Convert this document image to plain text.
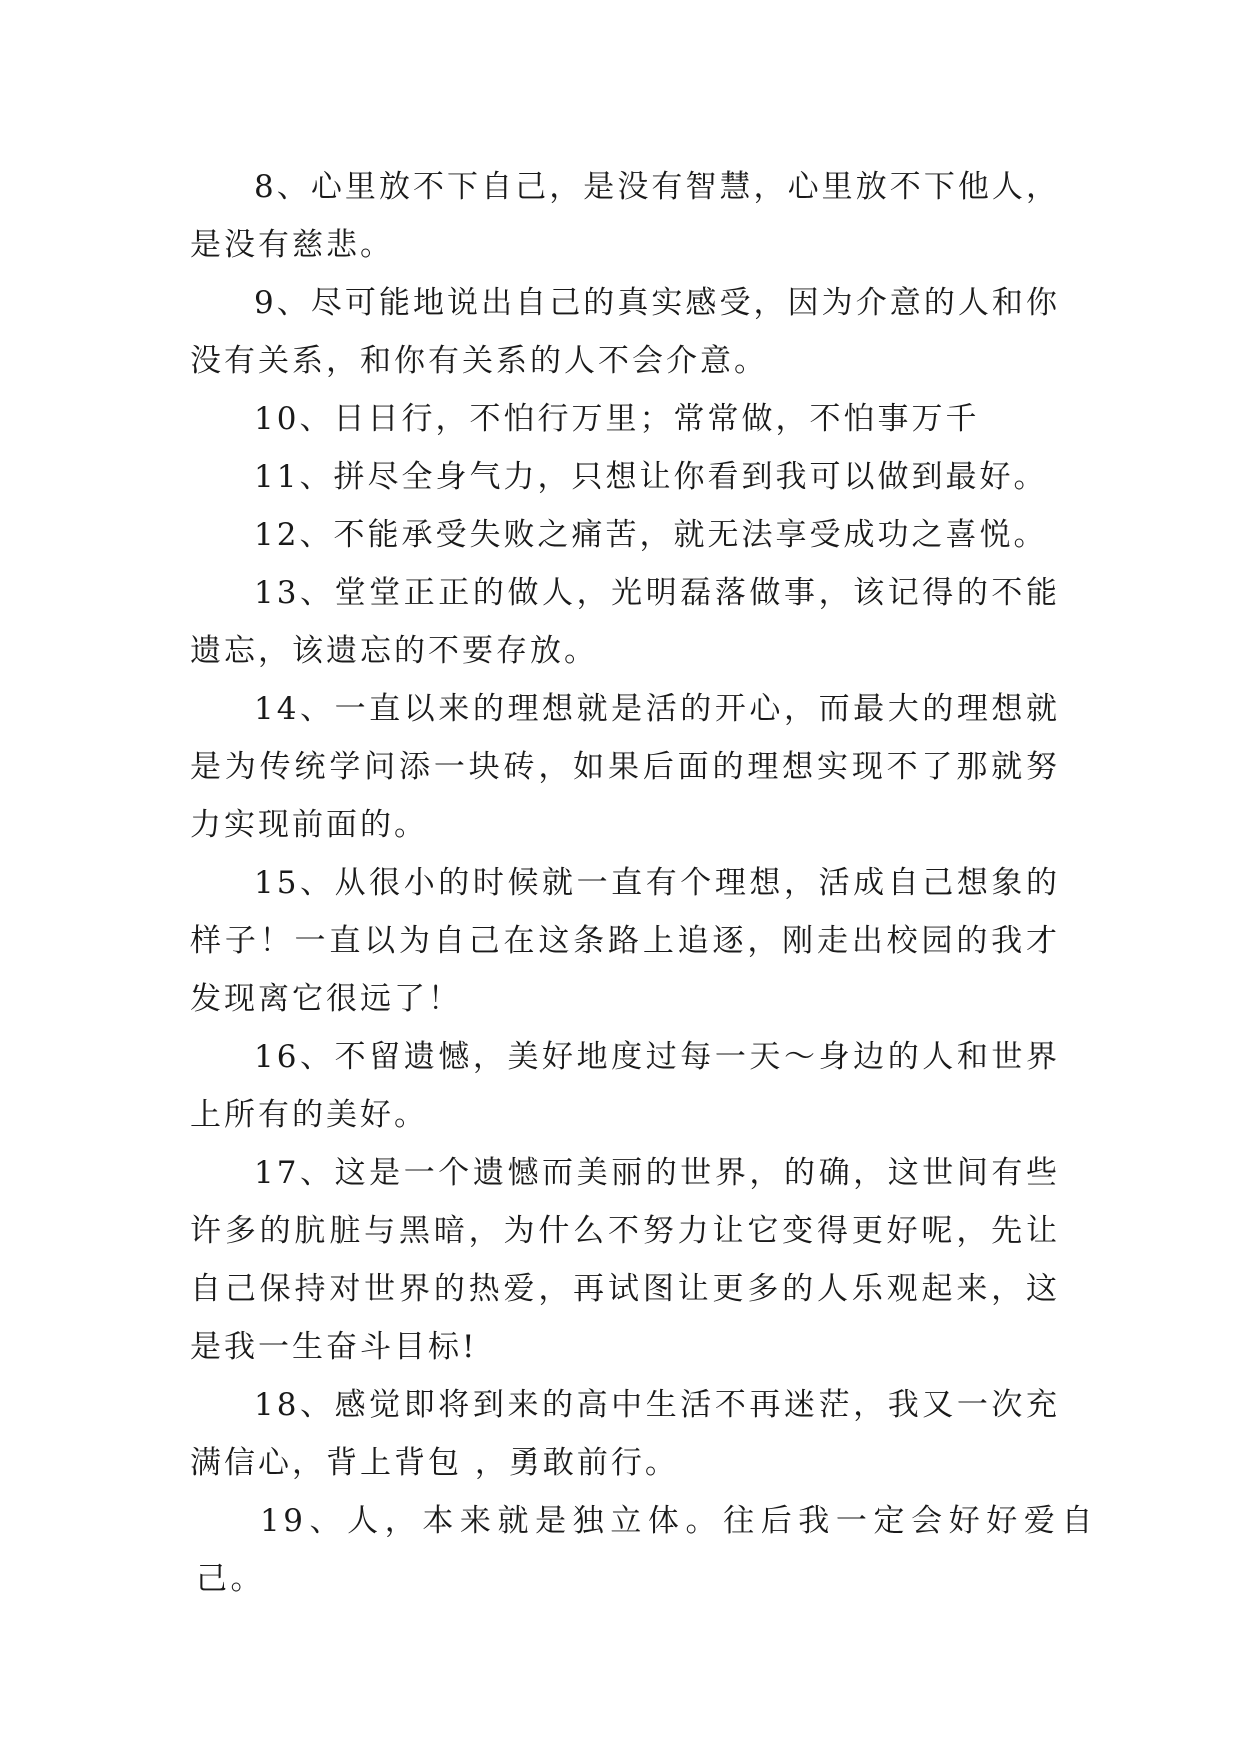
8、心里放不下自己，是没有智慧，心里放不下他人，是没有慈悲。

9、尽可能地说出自己的真实感受，因为介意的人和你没有关系，和你有关系的人不会介意。

10、日日行，不怕行万里；常常做，不怕事万千

11、拼尽全身气力，只想让你看到我可以做到最好。

12、不能承受失败之痛苦，就无法享受成功之喜悦。

13、堂堂正正的做人，光明磊落做事，该记得的不能遗忘，该遗忘的不要存放。

14、一直以来的理想就是活的开心，而最大的理想就是为传统学问添一块砖，如果后面的理想实现不了那就努力实现前面的。

15、从很小的时候就一直有个理想，活成自己想象的样子！一直以为自己在这条路上追逐，刚走出校园的我才发现离它很远了！

16、不留遗憾，美好地度过每一天～身边的人和世界上所有的美好。

17、这是一个遗憾而美丽的世界，的确，这世间有些许多的肮脏与黑暗，为什么不努力让它变得更好呢，先让自己保持对世界的热爱，再试图让更多的人乐观起来，这是我一生奋斗目标!

18、感觉即将到来的高中生活不再迷茫，我又一次充满信心，背上背包 ，勇敢前行。

19、人，本来就是独立体。往后我一定会好好爱自己。
